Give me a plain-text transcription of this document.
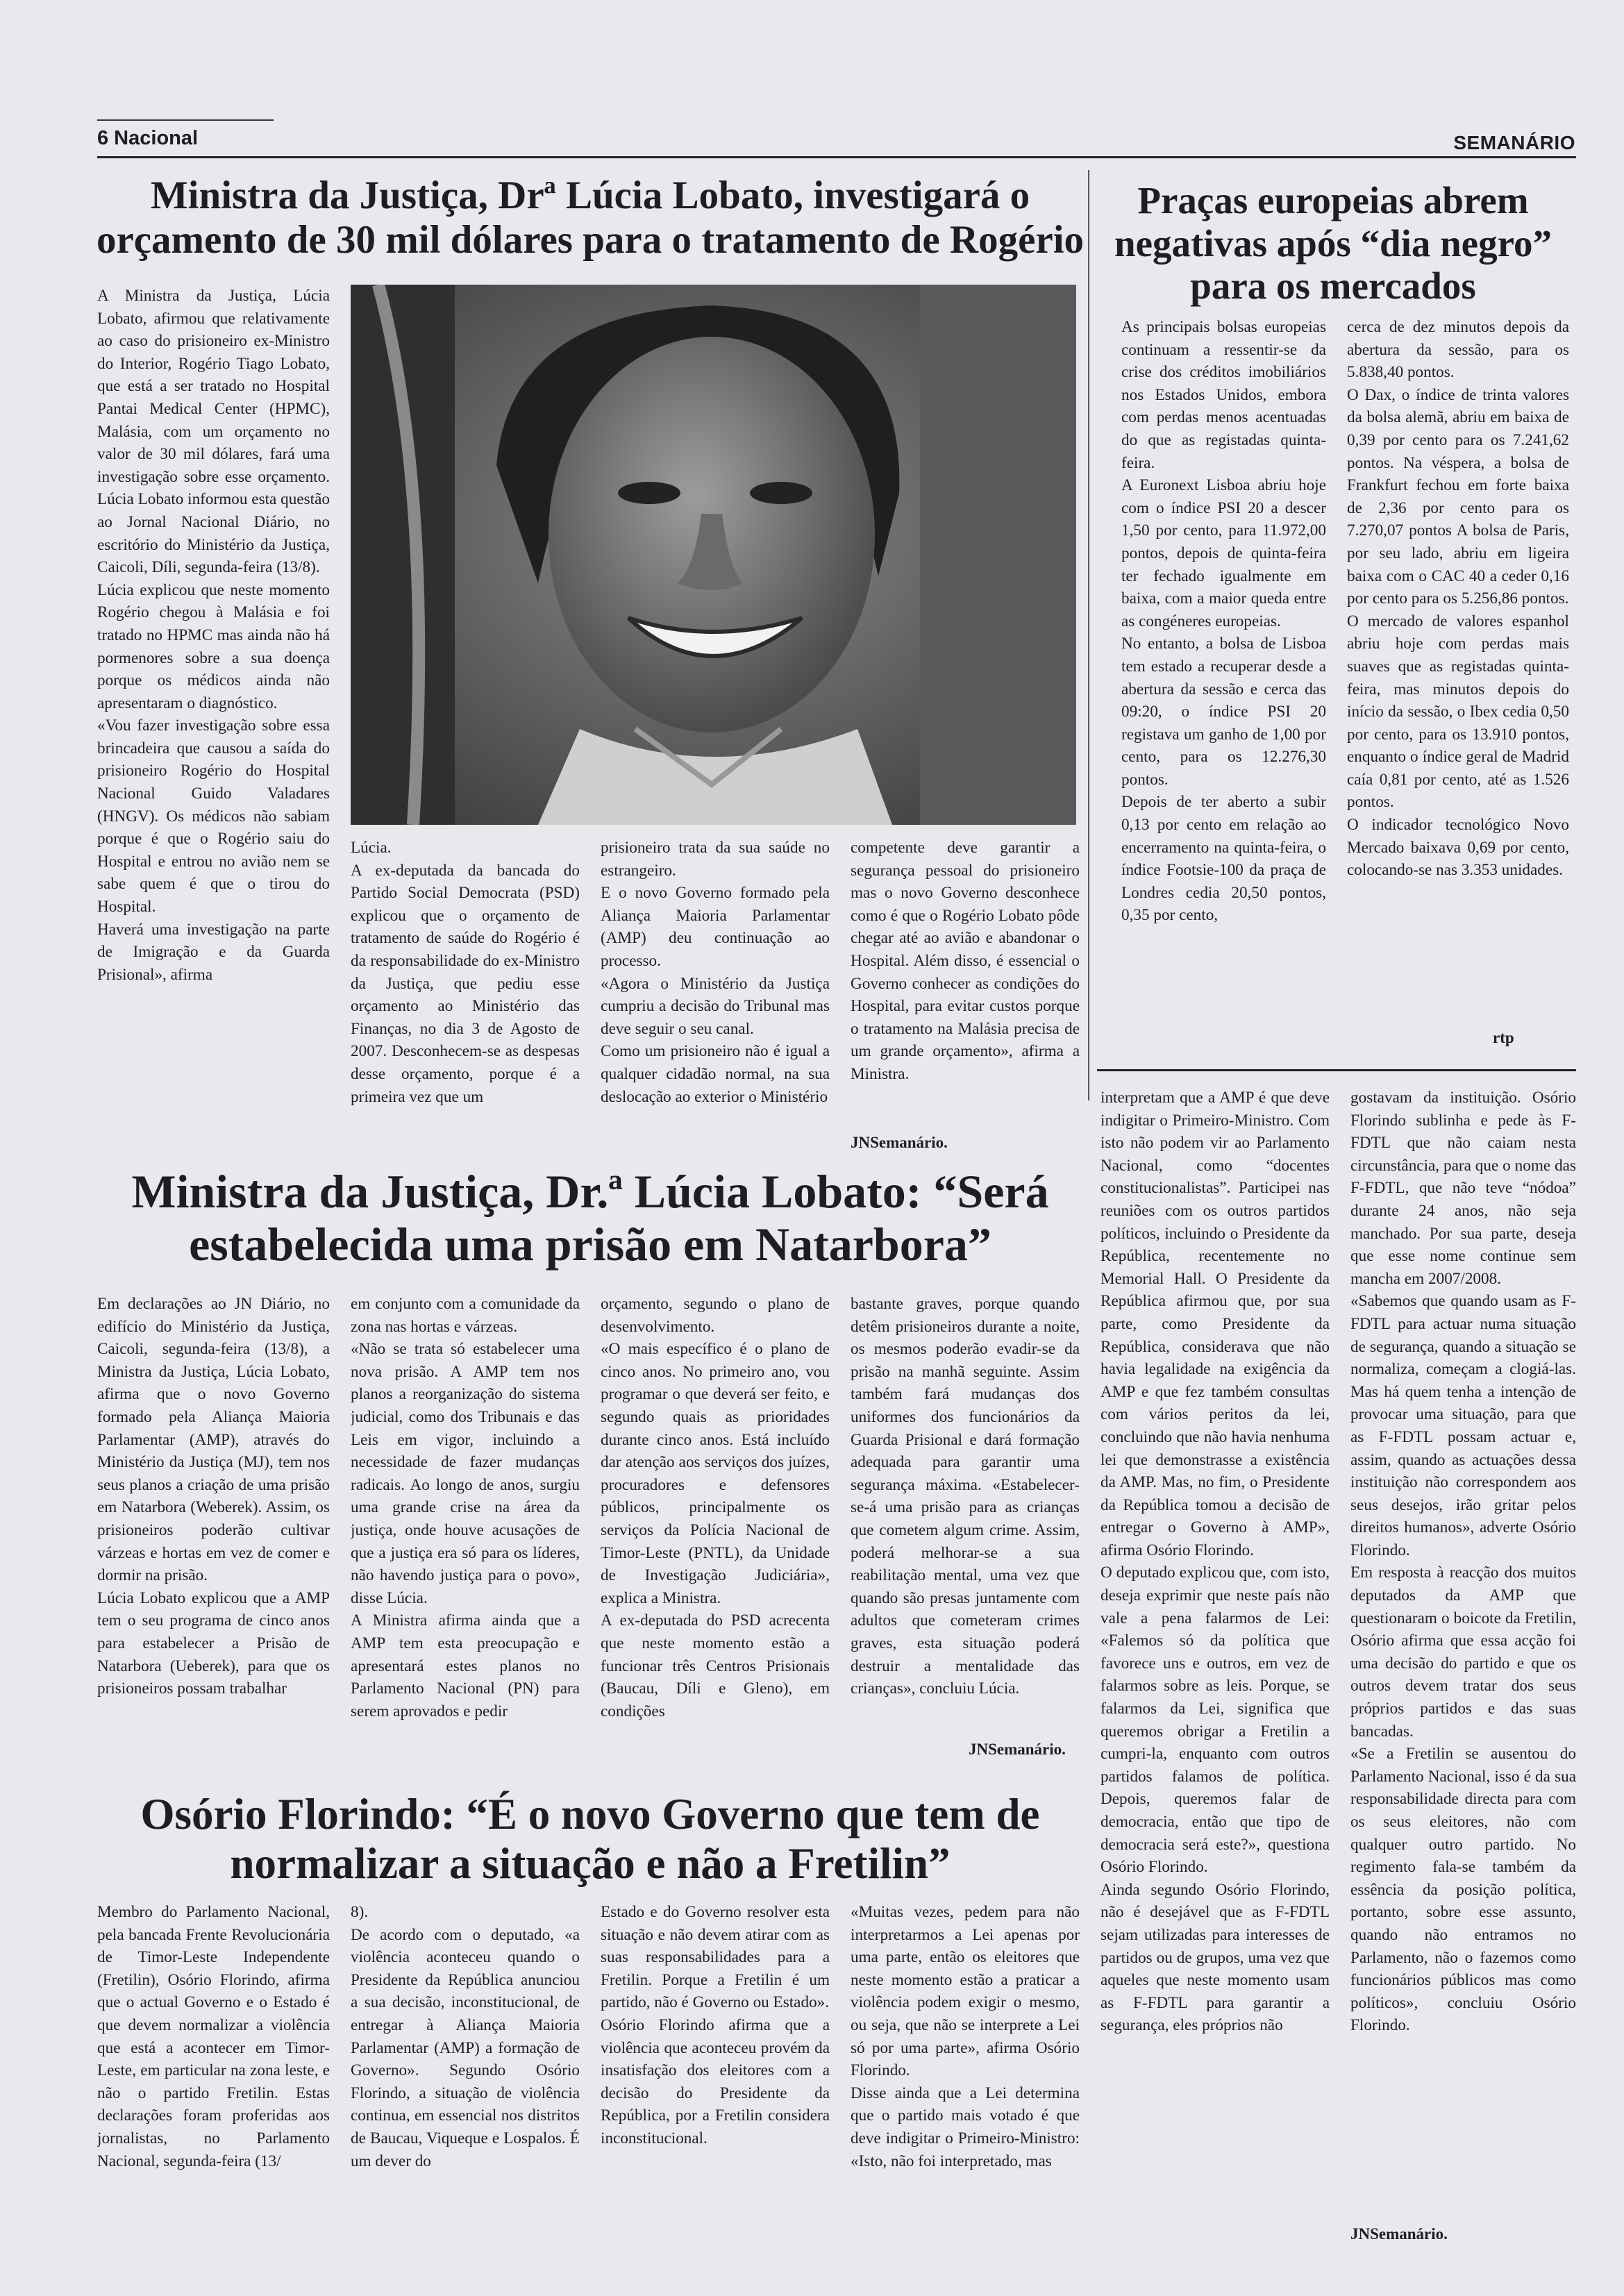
6 Nacional	SEMANÁRIO
Ministra da Justiça, Drª Lúcia Lobato, investigará o orçamento de 30 mil dólares para o tratamento de Rogério
A Ministra da Justiça, Lúcia Lobato, afirmou que relativamente ao caso do prisioneiro ex-Ministro do Interior, Rogério Tiago Lobato, que está a ser tratado no Hospital Pantai Medical Center (HPMC), Malásia, com um orçamento no valor de 30 mil dólares, fará uma investigação sobre esse orçamento. Lúcia Lobato informou esta questão ao Jornal Nacional Diário, no escritório do Ministério da Justiça, Caicoli, Díli, segunda-feira (13/8).
Lúcia explicou que neste momento Rogério chegou à Malásia e foi tratado no HPMC mas ainda não há pormenores sobre a sua doença porque os médicos ainda não apresentaram o diagnóstico.
«Vou fazer investigação sobre essa brincadeira que causou a saída do prisioneiro Rogério do Hospital Nacional Guido Valadares (HNGV). Os médicos não sabiam porque é que o Rogério saiu do Hospital e entrou no avião nem se sabe quem é que o tirou do Hospital.
Haverá uma investigação na parte de Imigração e da Guarda Prisional», afirma
Lúcia.
A ex-deputada da bancada do Partido Social Democrata (PSD) explicou que o orçamento de tratamento de saúde do Rogério é da responsabilidade do ex-Ministro da Justiça, que pediu esse orçamento ao Ministério das Finanças, no dia 3 de Agosto de 2007. Desconhecem-se as despesas desse orçamento, porque é a primeira vez que um
prisioneiro trata da sua saúde no estrangeiro.
E o novo Governo formado pela Aliança Maioria Parlamentar (AMP) deu continuação ao processo.
«Agora o Ministério da Justiça cumpriu a decisão do Tribunal mas deve seguir o seu canal.
Como um prisioneiro não é igual a qualquer cidadão normal, na sua deslocação ao exterior o Ministério
competente deve garantir a segurança pessoal do prisioneiro mas o novo Governo desconhece como é que o Rogério Lobato pôde chegar até ao avião e abandonar o Hospital. Além disso, é essencial o Governo conhecer as condições do Hospital, para evitar custos porque o tratamento na Malásia precisa de um grande orçamento», afirma a Ministra.
JNSemanário.
Praças europeias abrem negativas após “dia negro” para os mercados
As principais bolsas europeias continuam a ressentir-se da crise dos créditos imobiliários nos Estados Unidos, embora com perdas menos acentuadas do que as registadas quinta-feira.
A Euronext Lisboa abriu hoje com o índice PSI 20 a descer 1,50 por cento, para 11.972,00 pontos, depois de quinta-feira ter fechado igualmente em baixa, com a maior queda entre as congéneres europeias.
No entanto, a bolsa de Lisboa tem estado a recuperar desde a abertura da sessão e cerca das 09:20, o índice PSI 20 registava um ganho de 1,00 por cento, para os 12.276,30 pontos.
Depois de ter aberto a subir 0,13 por cento em relação ao encerramento na quinta-feira, o índice Footsie-100 da praça de Londres cedia 20,50 pontos, 0,35 por cento,
cerca de dez minutos depois da abertura da sessão, para os 5.838,40 pontos.
O Dax, o índice de trinta valores da bolsa alemã, abriu em baixa de 0,39 por cento para os 7.241,62 pontos. Na véspera, a bolsa de Frankfurt fechou em forte baixa de 2,36 por cento para os 7.270,07 pontos A bolsa de Paris, por seu lado, abriu em ligeira baixa com o CAC 40 a ceder 0,16 por cento para os 5.256,86 pontos.
O mercado de valores espanhol abriu hoje com perdas mais suaves que as registadas quinta-feira, mas minutos depois do início da sessão, o Ibex cedia 0,50 por cento, para os 13.910 pontos, enquanto o índice geral de Madrid caía 0,81 por cento, até as 1.526 pontos.
O indicador tecnológico Novo Mercado baixava 0,69 por cento, colocando-se nas 3.353 unidades.
rtp
Ministra da Justiça, Dr.ª Lúcia Lobato: “Será estabelecida uma prisão em Natarbora”
Em declarações ao JN Diário, no edifício do Ministério da Justiça, Caicoli, segunda-feira (13/8), a Ministra da Justiça, Lúcia Lobato, afirma que o novo Governo formado pela Aliança Maioria Parlamentar (AMP), através do Ministério da Justiça (MJ), tem nos seus planos a criação de uma prisão em Natarbora (Weberek). Assim, os prisioneiros poderão cultivar várzeas e hortas em vez de comer e dormir na prisão.
Lúcia Lobato explicou que a AMP tem o seu programa de cinco anos para estabelecer a Prisão de Natarbora (Ueberek), para que os prisioneiros possam trabalhar
em conjunto com a comunidade da zona nas hortas e várzeas.
«Não se trata só estabelecer uma nova prisão. A AMP tem nos planos a reorganização do sistema judicial, como dos Tribunais e das Leis em vigor, incluindo a necessidade de fazer mudanças radicais. Ao longo de anos, surgiu uma grande crise na área da justiça, onde houve acusações de que a justiça era só para os líderes, não havendo justiça para o povo», disse Lúcia.
A Ministra afirma ainda que a AMP tem esta preocupação e apresentará estes planos no Parlamento Nacional (PN) para serem aprovados e pedir
orçamento, segundo o plano de desenvolvimento.
«O mais específico é o plano de cinco anos. No primeiro ano, vou programar o que deverá ser feito, e segundo quais as prioridades durante cinco anos. Está incluído dar atenção aos serviços dos juízes, procuradores e defensores públicos, principalmente os serviços da Polícia Nacional de Timor-Leste (PNTL), da Unidade de Investigação Judiciária», explica a Ministra.
A ex-deputada do PSD acrecenta que neste momento estão a funcionar três Centros Prisionais (Baucau, Díli e Gleno), em condições
bastante graves, porque quando detêm prisioneiros durante a noite, os mesmos poderão evadir-se da prisão na manhã seguinte. Assim também fará mudanças dos uniformes dos funcionários da Guarda Prisional e dará formação adequada para garantir uma segurança máxima. «Estabelecer-se-á uma prisão para as crianças que cometem algum crime. Assim, poderá melhorar-se a sua reabilitação mental, uma vez que quando são presas juntamente com adultos que cometeram crimes graves, esta situação poderá destruir a mentalidade das crianças», concluiu Lúcia.
JNSemanário.
Osório Florindo: “É o novo Governo que tem de normalizar a situação e não a Fretilin”
Membro do Parlamento Nacional, pela bancada Frente Revolucionária de Timor-Leste Independente (Fretilin), Osório Florindo, afirma que o actual Governo e o Estado é que devem normalizar a violência que está a acontecer em Timor-Leste, em particular na zona leste, e não o partido Fretilin. Estas declarações foram proferidas aos jornalistas, no Parlamento Nacional, segunda-feira (13/
8).
De acordo com o deputado, «a violência aconteceu quando o Presidente da República anunciou a sua decisão, inconstitucional, de entregar à Aliança Maioria Parlamentar (AMP) a formação de Governo». Segundo Osório Florindo, a situação de violência continua, em essencial nos distritos de Baucau, Viqueque e Lospalos. É um dever do
Estado e do Governo resolver esta situação e não devem atirar com as suas responsabilidades para a Fretilin. Porque a Fretilin é um partido, não é Governo ou Estado».
Osório Florindo afirma que a violência que aconteceu provém da insatisfação dos eleitores com a decisão do Presidente da República, por a Fretilin considera inconstitucional.
«Muitas vezes, pedem para não interpretarmos a Lei apenas por uma parte, então os eleitores que neste momento estão a praticar a violência podem exigir o mesmo, ou seja, que não se interprete a Lei só por uma parte», afirma Osório Florindo.
Disse ainda que a Lei determina que o partido mais votado é que deve indigitar o Primeiro-Ministro: «Isto, não foi interpretado, mas
interpretam que a AMP é que deve indigitar o Primeiro-Ministro. Com isto não podem vir ao Parlamento Nacional, como “docentes constitucionalistas”. Participei nas reuniões com os outros partidos políticos, incluindo o Presidente da República, recentemente no Memorial Hall. O Presidente da República afirmou que, por sua parte, como Presidente da República, considerava que não havia legalidade na exigência da AMP e que fez também consultas com vários peritos da lei, concluindo que não havia nenhuma lei que demonstrasse a existência da AMP. Mas, no fim, o Presidente da República tomou a decisão de entregar o Governo à AMP», afirma Osório Florindo.
O deputado explicou que, com isto, deseja exprimir que neste país não vale a pena falarmos de Lei: «Falemos só da política que favorece uns e outros, em vez de falarmos sobre as leis. Porque, se falarmos da Lei, significa que queremos obrigar a Fretilin a cumpri-la, enquanto com outros partidos falamos de política. Depois, queremos falar de democracia, então que tipo de democracia será este?», questiona Osório Florindo.
Ainda segundo Osório Florindo, não é desejável que as F-FDTL sejam utilizadas para interesses de partidos ou de grupos, uma vez que aqueles que neste momento usam as F-FDTL para garantir a segurança, eles próprios não
gostavam da instituição. Osório Florindo sublinha e pede às F-FDTL que não caiam nesta circunstância, para que o nome das F-FDTL, que não teve “nódoa” durante 24 anos, não seja manchado. Por sua parte, deseja que esse nome continue sem mancha em 2007/2008.
«Sabemos que quando usam as F-FDTL para actuar numa situação de segurança, quando a situação se normaliza, começam a clogiá-las. Mas há quem tenha a intenção de provocar uma situação, para que as F-FDTL possam actuar e, assim, quando as actuações dessa instituição não correspondem aos seus desejos, irão gritar pelos direitos humanos», adverte Osório Florindo.
Em resposta à reacção dos muitos deputados da AMP que questionaram o boicote da Fretilin, Osório afirma que essa acção foi uma decisão do partido e que os outros devem tratar dos seus próprios partidos e das suas bancadas.
«Se a Fretilin se ausentou do Parlamento Nacional, isso é da sua responsabilidade directa para com os seus eleitores, não com qualquer outro partido. No regimento fala-se também da essência da posição política, portanto, sobre esse assunto, quando não entramos no Parlamento, não o fazemos como funcionários públicos mas como políticos», concluiu Osório Florindo.
JNSemanário.
